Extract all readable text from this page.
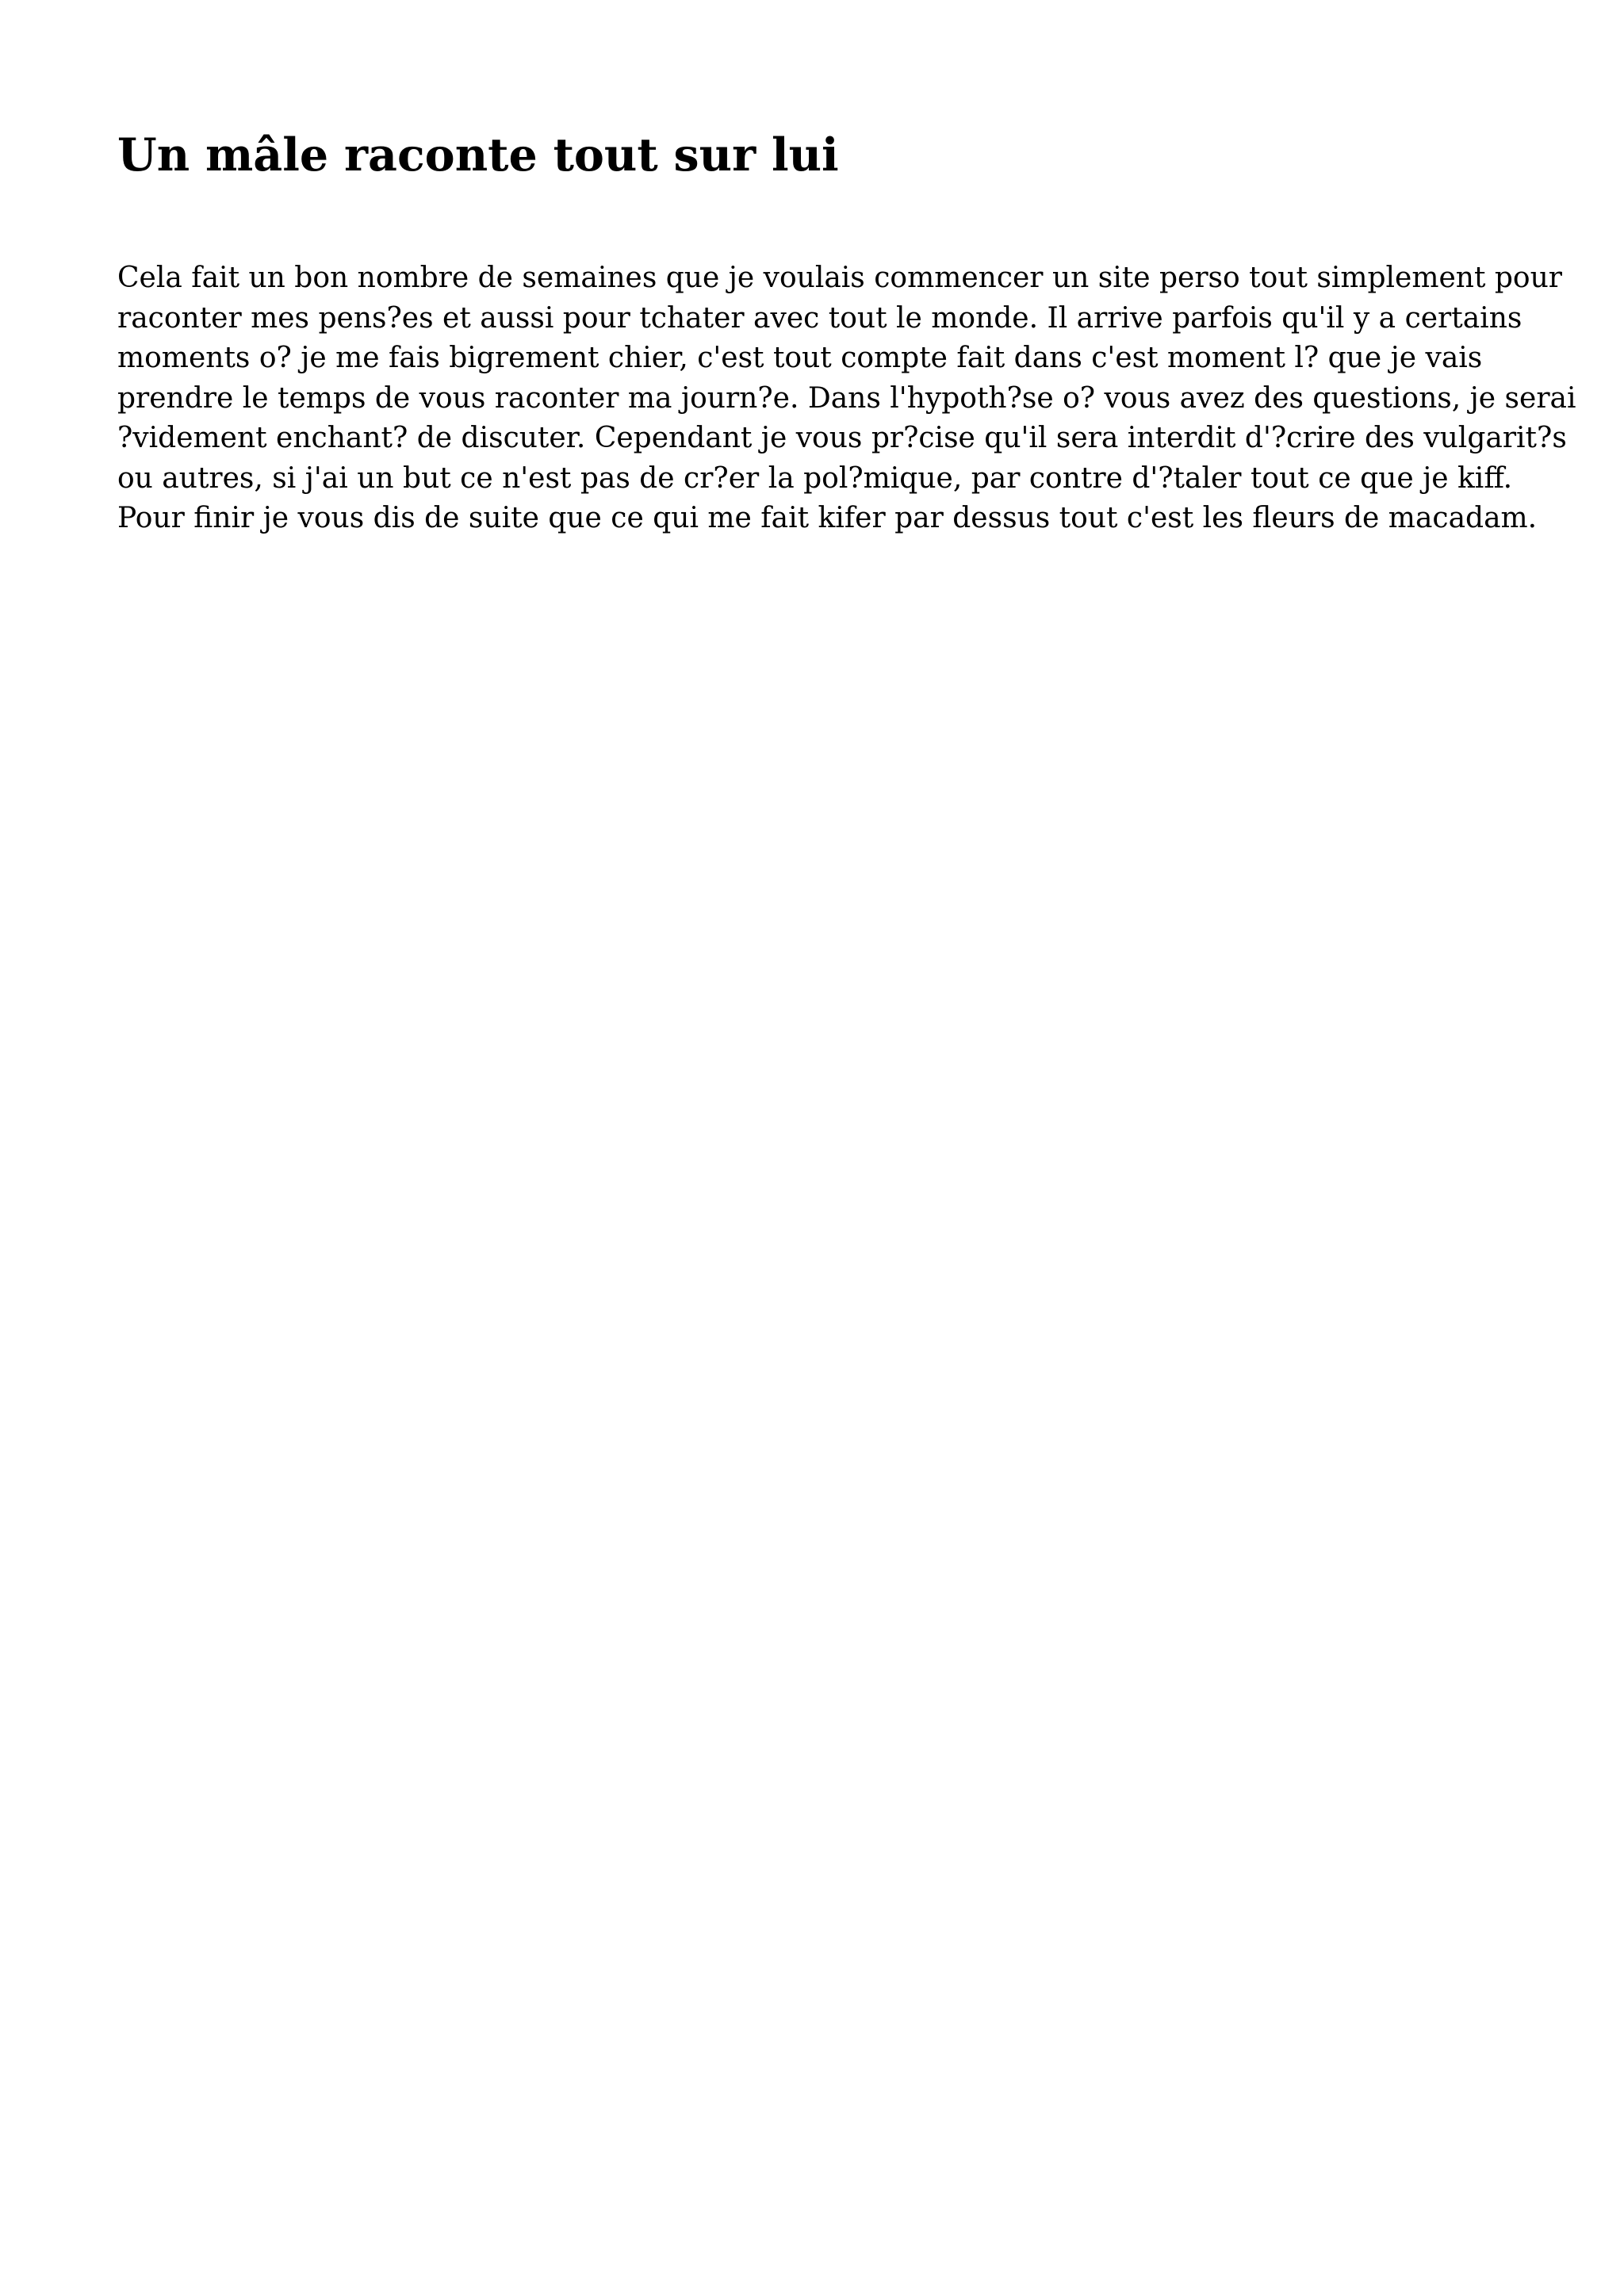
Un mâle raconte tout sur lui

Cela fait un bon nombre de semaines que je voulais commencer un site perso tout simplement pour
raconter mes pens?es et aussi pour tchater avec tout le monde. Il arrive parfois qu'il y a certains
moments o? je me fais bigrement chier, c'est tout compte fait dans c'est moment l? que je vais
prendre le temps de vous raconter ma journ?e. Dans l'hypoth?se o? vous avez des questions, je serai
?videment enchant? de discuter. Cependant je vous pr?cise qu'il sera interdit d'?crire des vulgarit?s
ou autres, si j'ai un but ce n'est pas de cr?er la pol?mique, par contre d'?taler tout ce que je kiff.
Pour finir je vous dis de suite que ce qui me fait kifer par dessus tout c'est les fleurs de macadam.
